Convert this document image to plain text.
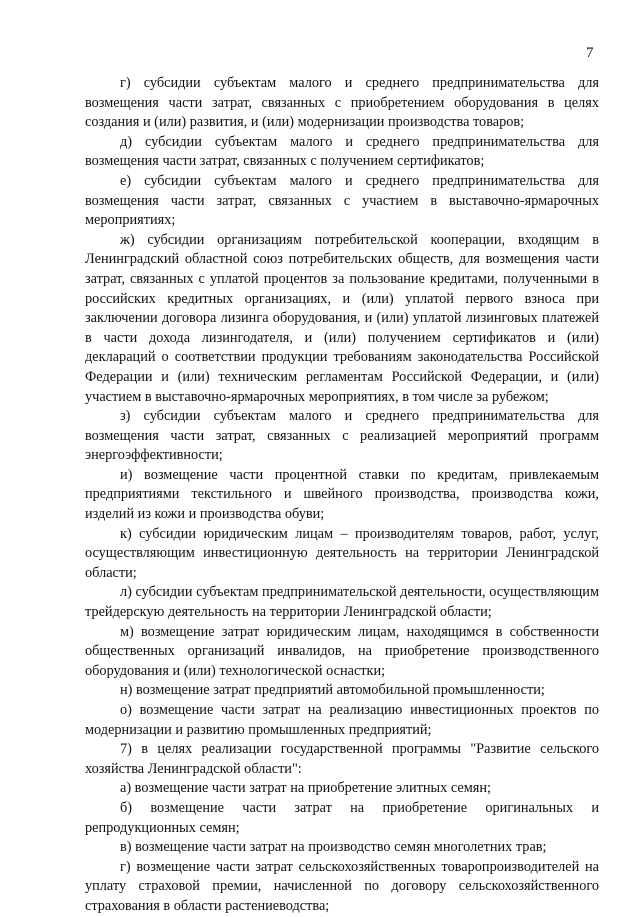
7

г) субсидии субъектам малого и среднего предпринимательства для возмещения части затрат, связанных с приобретением оборудования в целях создания и (или) развития, и (или) модернизации производства товаров;

д) субсидии субъектам малого и среднего предпринимательства для возмещения части затрат, связанных с получением сертификатов;

е) субсидии субъектам малого и среднего предпринимательства для возмещения части затрат, связанных с участием в выставочно-ярмарочных мероприятиях;

ж) субсидии организациям потребительской кооперации, входящим в Ленинградский областной союз потребительских обществ, для возмещения части затрат, связанных с уплатой процентов за пользование кредитами, полученными в российских кредитных организациях, и (или) уплатой первого взноса при заключении договора лизинга оборудования, и (или) уплатой лизинговых платежей в части дохода лизингодателя, и (или) получением сертификатов и (или) деклараций о соответствии продукции требованиям законодательства Российской Федерации и (или) техническим регламентам Российской Федерации, и (или) участием в выставочно-ярмарочных мероприятиях, в том числе за рубежом;

з) субсидии субъектам малого и среднего предпринимательства для возмещения части затрат, связанных с реализацией мероприятий программ энергоэффективности;

и) возмещение части процентной ставки по кредитам, привлекаемым предприятиями текстильного и швейного производства, производства кожи, изделий из кожи и производства обуви;

к) субсидии юридическим лицам – производителям товаров, работ, услуг, осуществляющим инвестиционную деятельность на территории Ленинградской области;

л) субсидии субъектам предпринимательской деятельности, осуществляющим трейдерскую деятельность на территории Ленинградской области;

м) возмещение затрат юридическим лицам, находящимся в собственности общественных организаций инвалидов, на приобретение производственного оборудования и (или) технологической оснастки;

н) возмещение затрат предприятий автомобильной промышленности;

о) возмещение части затрат на реализацию инвестиционных проектов по модернизации и развитию промышленных предприятий;

7) в целях реализации государственной программы "Развитие сельского хозяйства Ленинградской области":

а) возмещение части затрат на приобретение элитных семян;

б) возмещение части затрат на приобретение оригинальных и репродукционных семян;

в) возмещение части затрат на производство семян многолетних трав;

г) возмещение части затрат сельскохозяйственных товаропроизводителей на уплату страховой премии, начисленной по договору сельскохозяйственного страхования в области растениеводства;
